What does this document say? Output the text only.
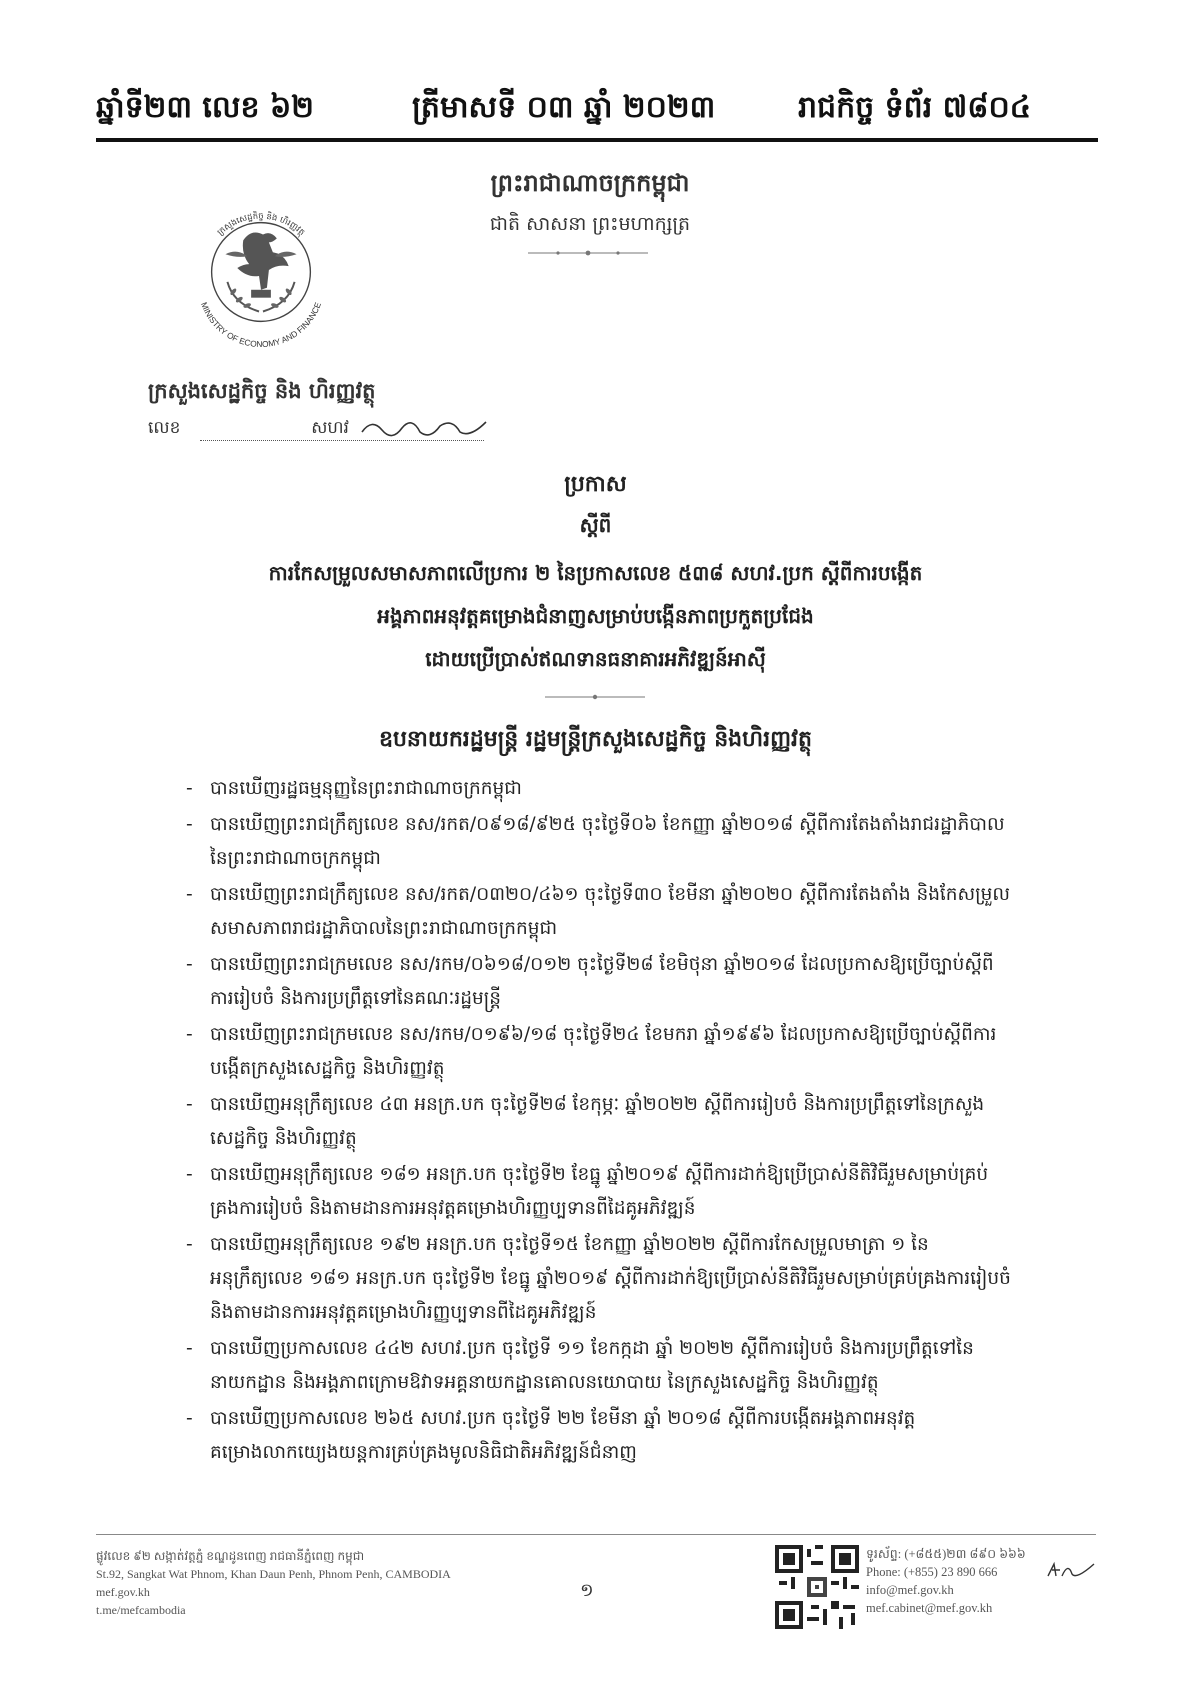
ឆ្នាំទី២៣ លេខ ៦២	ត្រីមាសទី ០៣ ឆ្នាំ ២០២៣	រាជកិច្ច ទំព័រ ៧៨០៤
ព្រះរាជាណាចក្រកម្ពុជា
ជាតិ សាសនា ព្រះមហាក្សត្រ
ក្រសួងសេដ្ឋកិច្ច និង ហិរញ្ញវត្ថុ
MINISTRY OF ECONOMY AND FINANCE
ក្រសួងសេដ្ឋកិច្ច និង ហិរញ្ញវត្ថុ
លេខ	សហវ
ប្រកាស
ស្តីពី
ការកែសម្រួលសមាសភាពលើប្រការ ២ នៃប្រកាសលេខ ៥៣៨ សហវ.ប្រក ស្តីពីការបង្កើត
អង្គភាពអនុវត្តគម្រោងជំនាញសម្រាប់បង្កើនភាពប្រកួតប្រជែង
ដោយប្រើប្រាស់ឥណទានធនាគារអភិវឌ្ឍន៍អាស៊ី
ឧបនាយករដ្ឋមន្ត្រី រដ្ឋមន្ត្រីក្រសួងសេដ្ឋកិច្ច និងហិរញ្ញវត្ថុ
- បានឃើញរដ្ឋធម្មនុញ្ញនៃព្រះរាជាណាចក្រកម្ពុជា
- បានឃើញព្រះរាជក្រឹត្យលេខ នស/រកត/០៩១៨/៩២៥ ចុះថ្ងៃទី០៦ ខែកញ្ញា ឆ្នាំ២០១៨ ស្តីពីការតែងតាំងរាជរដ្ឋាភិបាល នៃព្រះរាជាណាចក្រកម្ពុជា
- បានឃើញព្រះរាជក្រឹត្យលេខ នស/រកត/០៣២០/៤៦១ ចុះថ្ងៃទី៣០ ខែមីនា ឆ្នាំ២០២០ ស្តីពីការតែងតាំង និងកែសម្រួលសមាសភាពរាជរដ្ឋាភិបាលនៃព្រះរាជាណាចក្រកម្ពុជា
- បានឃើញព្រះរាជក្រមលេខ នស/រកម/០៦១៨/០១២ ចុះថ្ងៃទី២៨ ខែមិថុនា ឆ្នាំ២០១៨ ដែលប្រកាសឱ្យប្រើច្បាប់ស្តីពីការរៀបចំ និងការប្រព្រឹត្តទៅនៃគណៈរដ្ឋមន្ត្រី
- បានឃើញព្រះរាជក្រមលេខ នស/រកម/០១៩៦/១៨ ចុះថ្ងៃទី២៤ ខែមករា ឆ្នាំ១៩៩៦ ដែលប្រកាសឱ្យប្រើច្បាប់ស្តីពីការបង្កើតក្រសួងសេដ្ឋកិច្ច និងហិរញ្ញវត្ថុ
- បានឃើញអនុក្រឹត្យលេខ ៤៣ អនក្រ.បក ចុះថ្ងៃទី២៨ ខែកុម្ភៈ ឆ្នាំ២០២២ ស្តីពីការរៀបចំ និងការប្រព្រឹត្តទៅនៃក្រសួងសេដ្ឋកិច្ច និងហិរញ្ញវត្ថុ
- បានឃើញអនុក្រឹត្យលេខ ១៨១ អនក្រ.បក ចុះថ្ងៃទី២ ខែធ្នូ ឆ្នាំ២០១៩ ស្តីពីការដាក់ឱ្យប្រើប្រាស់នីតិវិធីរួមសម្រាប់គ្រប់គ្រងការរៀបចំ និងតាមដានការអនុវត្តគម្រោងហិរញ្ញប្បទានពីដៃគូអភិវឌ្ឍន៍
- បានឃើញអនុក្រឹត្យលេខ ១៩២ អនក្រ.បក ចុះថ្ងៃទី១៥ ខែកញ្ញា ឆ្នាំ២០២២ ស្តីពីការកែសម្រួលមាត្រា ១ នៃអនុក្រឹត្យលេខ ១៨១ អនក្រ.បក ចុះថ្ងៃទី២ ខែធ្នូ ឆ្នាំ២០១៩ ស្តីពីការដាក់ឱ្យប្រើប្រាស់នីតិវិធីរួមសម្រាប់គ្រប់គ្រងការរៀបចំ និងតាមដានការអនុវត្តគម្រោងហិរញ្ញប្បទានពីដៃគូអភិវឌ្ឍន៍
- បានឃើញប្រកាសលេខ ៤៤២ សហវ.ប្រក ចុះថ្ងៃទី ១១ ខែកក្កដា ឆ្នាំ ២០២២ ស្តីពីការរៀបចំ និងការប្រព្រឹត្តទៅនៃនាយកដ្ឋាន និងអង្គភាពក្រោមឱវាទអគ្គនាយកដ្ឋានគោលនយោបាយ នៃក្រសួងសេដ្ឋកិច្ច និងហិរញ្ញវត្ថុ
- បានឃើញប្រកាសលេខ ២៦៥ សហវ.ប្រក ចុះថ្ងៃទី ២២ ខែមីនា ឆ្នាំ ២០១៨ ស្តីពីការបង្កើតអង្គភាពអនុវត្តគម្រោងលាកយ្យេងយន្តការគ្រប់គ្រងមូលនិធិជាតិអភិវឌ្ឍន៍ជំនាញ
ផ្លូវលេខ ៩២ សង្កាត់វត្តភ្នំ ខណ្ឌដូនពេញ រាជធានីភ្នំពេញ កម្ពុជា
St.92, Sangkat Wat Phnom, Khan Daun Penh, Phnom Penh, CAMBODIA
mef.gov.kh
t.me/mefcambodia
១
ទូរស័ព្ទ: (+៨៥៥)២៣ ៨៩០ ៦៦៦
Phone: (+855) 23 890 666
info@mef.gov.kh
mef.cabinet@mef.gov.kh
